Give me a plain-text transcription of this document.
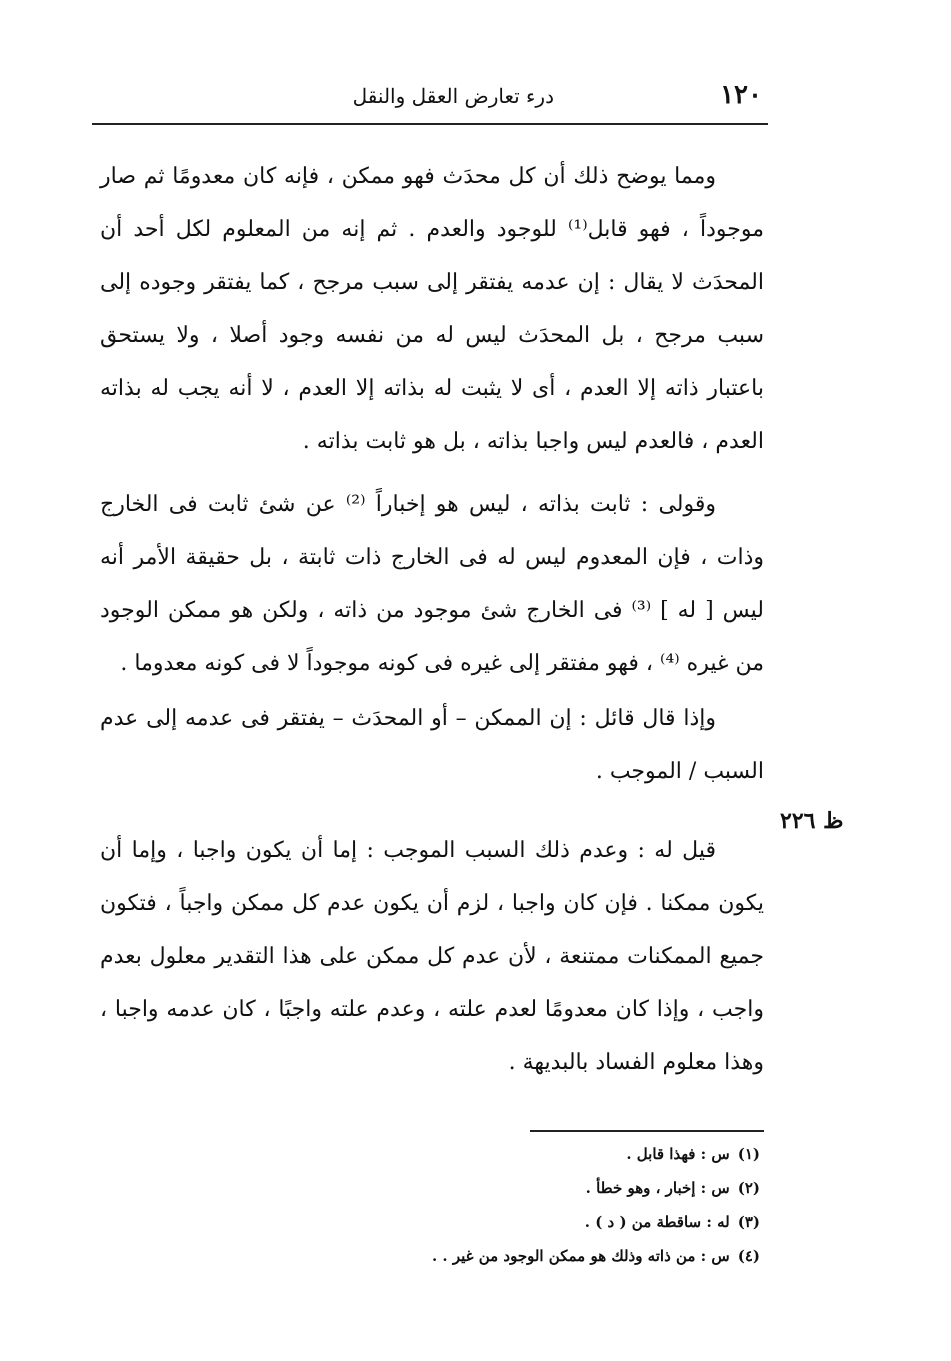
١٢٠
درء تعارض العقل والنقل

ومما يوضح ذلك أن كل محدَث فهو ممكن ، فإنه كان معدومًا ثم صار موجوداً ، فهو قابل⁽¹⁾ للوجود والعدم . ثم إنه من المعلوم لكل أحد أن المحدَث لا يقال : إن عدمه يفتقر إلى سبب مرجح ، كما يفتقر وجوده إلى سبب مرجح ، بل المحدَث ليس له من نفسه وجود أصلا ، ولا يستحق باعتبار ذاته إلا العدم ، أى لا يثبت له بذاته إلا العدم ، لا أنه يجب له بذاته العدم ، فالعدم ليس واجبا بذاته ، بل هو ثابت بذاته .

وقولى : ثابت بذاته ، ليس هو إخباراً ⁽²⁾ عن شئ ثابت فى الخارج وذات ، فإن المعدوم ليس له فى الخارج ذات ثابتة ، بل حقيقة الأمر أنه ليس [ له ] ⁽³⁾ فى الخارج شئ موجود من ذاته ، ولكن هو ممكن الوجود من غيره ⁽⁴⁾ ، فهو مفتقر إلى غيره فى كونه موجوداً لا فى كونه معدوما .

وإذا قال قائل : إن الممكن – أو المحدَث – يفتقر فى عدمه إلى عدم السبب / الموجب .

قيل له : وعدم ذلك السبب الموجب : إما أن يكون واجبا ، وإما أن يكون ممكنا . فإن كان واجبا ، لزم أن يكون عدم كل ممكن واجباً ، فتكون جميع الممكنات ممتنعة ، لأن عدم كل ممكن على هذا التقدير معلول بعدم واجب ، وإذا كان معدومًا لعدم علته ، وعدم علته واجبًا ، كان عدمه واجبا ، وهذا معلوم الفساد بالبديهة .

ظ ٢٢٦

(١)س : فهذا قابل .

(٢)س : إخبار ، وهو خطأ .

(٣)له : ساقطة من ( د ) .

(٤)س : من ذاته وذلك هو ممكن الوجود من غير . .
